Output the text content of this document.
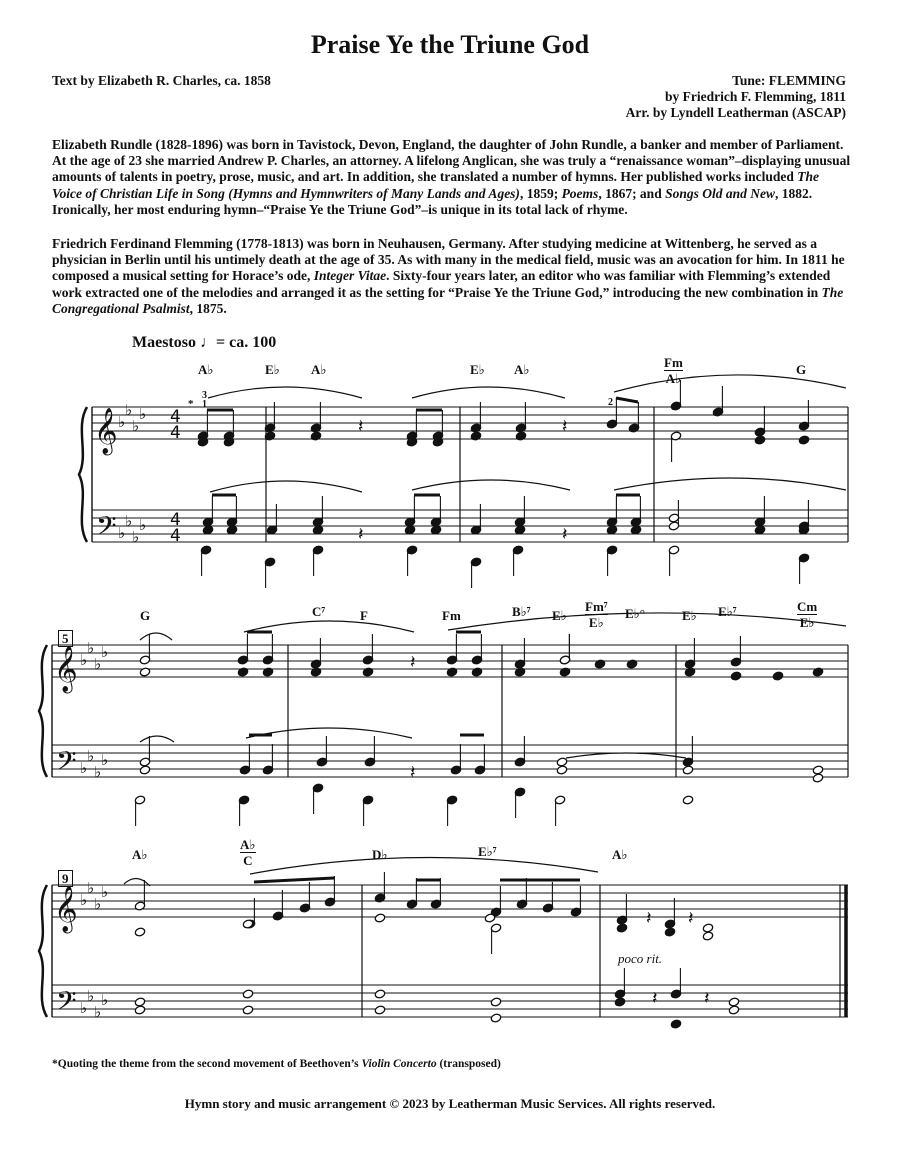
Praise Ye the Triune God
Text by Elizabeth R. Charles, ca. 1858	Tune: FLEMMING
by Friedrich F. Flemming, 1811
Arr. by Lyndell Leatherman (ASCAP)
Elizabeth Rundle (1828-1896) was born in Tavistock, Devon, England, the daughter of John Rundle, a banker and member of Parliament. At the age of 23 she married Andrew P. Charles, an attorney. A lifelong Anglican, she was truly a “renaissance woman”–displaying unusual amounts of talents in poetry, prose, music, and art. In addition, she translated a number of hymns. Her published works included The Voice of Christian Life in Song (Hymns and Hymnwriters of Many Lands and Ages), 1859; Poems, 1867; and Songs Old and New, 1882. Ironically, her most enduring hymn–“Praise Ye the Triune God”–is unique in its total lack of rhyme.
Friedrich Ferdinand Flemming (1778-1813) was born in Neuhausen, Germany. After studying medicine at Wittenberg, he served as a physician in Berlin until his untimely death at the age of 35. As with many in the medical field, music was an avocation for him. In 1811 he composed a musical setting for Horace’s ode, Integer Vitae. Sixty-four years later, an editor who was familiar with Flemming’s extended work extracted one of the melodies and arranged it as the setting for “Praise Ye the Triune God,” introducing the new combination in The Congregational Psalmist, 1875.
Maestoso ♩= ca. 100
A♭	E♭ A♭	E♭ A♭	Fm
A♭
G
*
3
1	2
5
G	C⁷	F	Fm	B♭⁷ E♭
Fm⁷
E♭
E♭°	E♭ E♭⁷	Cm
E♭
9
A♭
A♭
C	D♭	E♭⁷	A♭
poco rit.
*Quoting the theme from the second movement of Beethoven’s Violin Concerto (transposed)
Hymn story and music arrangement © 2023 by Leatherman Music Services. All rights reserved.
𝄞
𝄢
♭
♭
♭
♭
♭
♭
♭
♭
4
4
4
4
𝄽	𝄽
𝄽	𝄽
𝄞
𝄢
♭
♭
♭
♭
♭
♭
♭
♭
𝄽
𝄽
𝄞
𝄢
♭
♭
♭
♭
♭
♭
♭
♭
𝄽 𝄽
𝄽	𝄽
